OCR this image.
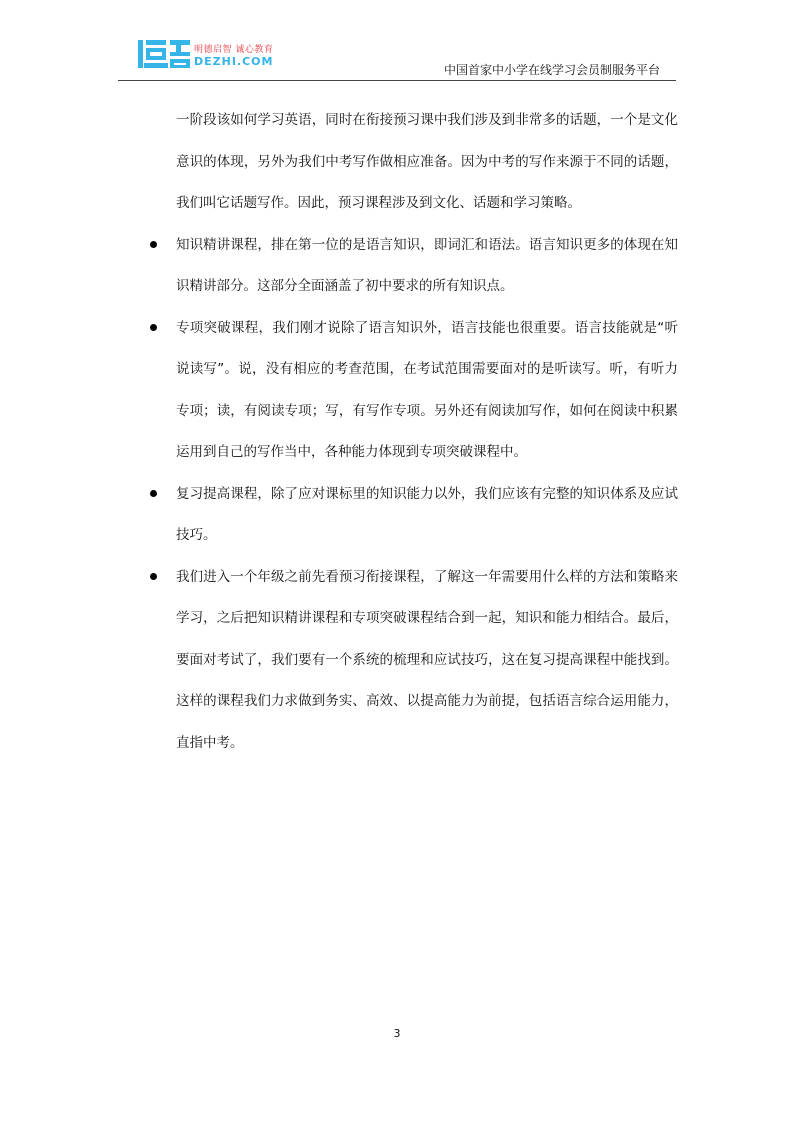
明德启智 诚心教育
DEZHI.COM
中国首家中小学在线学习会员制服务平台

一阶段该如何学习英语，同时在衔接预习课中我们涉及到非常多的话题，一个是文化意识的体现，另外为我们中考写作做相应准备。因为中考的写作来源于不同的话题，我们叫它话题写作。因此，预习课程涉及到文化、话题和学习策略。

知识精讲课程，排在第一位的是语言知识，即词汇和语法。语言知识更多的体现在知识精讲部分。这部分全面涵盖了初中要求的所有知识点。

专项突破课程，我们刚才说除了语言知识外，语言技能也很重要。语言技能就是“听说读写”。说，没有相应的考查范围，在考试范围需要面对的是听读写。听，有听力专项；读，有阅读专项；写，有写作专项。另外还有阅读加写作，如何在阅读中积累运用到自己的写作当中，各种能力体现到专项突破课程中。

复习提高课程，除了应对课标里的知识能力以外，我们应该有完整的知识体系及应试技巧。

我们进入一个年级之前先看预习衔接课程，了解这一年需要用什么样的方法和策略来学习，之后把知识精讲课程和专项突破课程结合到一起，知识和能力相结合。最后，要面对考试了，我们要有一个系统的梳理和应试技巧，这在复习提高课程中能找到。这样的课程我们力求做到务实、高效、以提高能力为前提，包括语言综合运用能力，直指中考。

3
